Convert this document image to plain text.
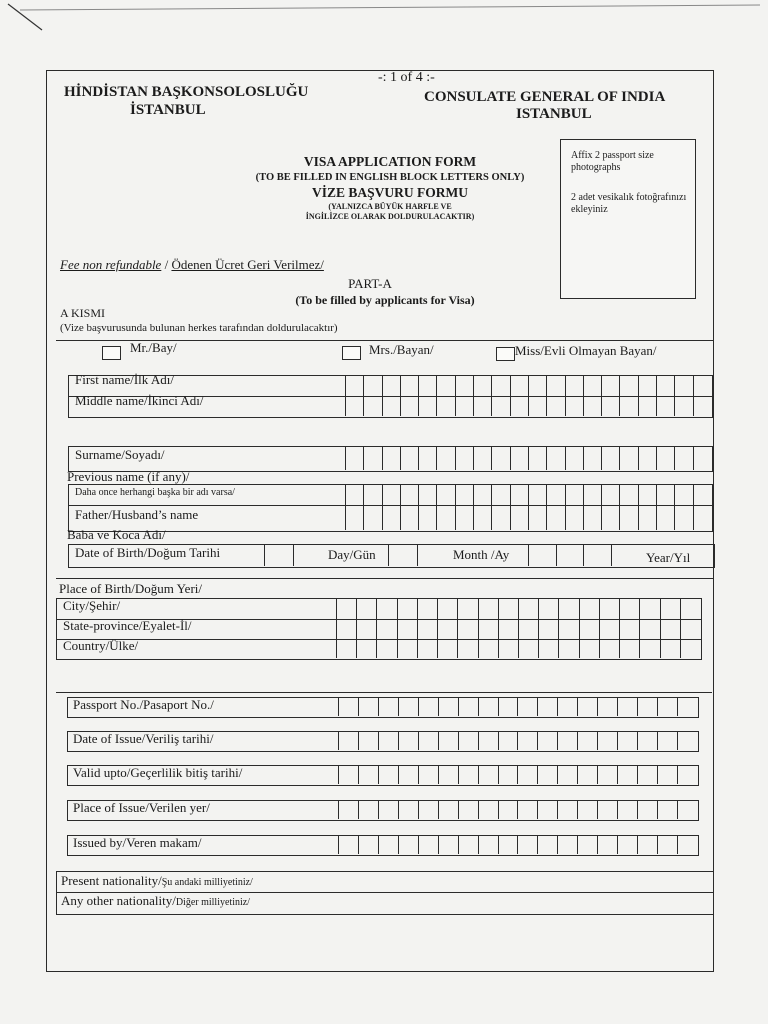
-: 1 of 4 :-
HİNDİSTAN BAŞKONSOLOSLUĞU
İSTANBUL
CONSULATE GENERAL OF INDIA
ISTANBUL
VISA APPLICATION FORM
(TO BE FILLED IN ENGLISH BLOCK LETTERS ONLY)
VİZE BAŞVURU FORMU
(YALNIZCA BÜYÜK HARFLE VE
İNGİLİZCE OLARAK DOLDURULACAKTIR)
Affix 2 passport size photographs
2 adet vesikalık fotoğrafınızı ekleyiniz
Fee non refundable / Ödenen Ücret Geri Verilmez/
PART-A
(To be filled by applicants for Visa)
A KISMI
(Vize başvurusunda bulunan herkes tarafından doldurulacaktır)
Mr./Bay/	Mrs./Bayan/	Miss/Evli Olmayan Bayan/
First name/İlk Adı/
Middle name/İkinci Adı/
Surname/Soyadı/
Previous name (if any)/
Daha once herhangi başka bir adı varsa/
Father/Husband’s name
Baba ve Koca Adı/
Date of Birth/Doğum Tarihi	Day/Gün	Month /Ay	Year/Yıl
Place of Birth/Doğum Yeri/
City/Şehir/
State-province/Eyalet-İl/
Country/Ülke/
Passport No./Pasaport No./
Date of Issue/Veriliş tarihi/
Valid upto/Geçerlilik bitiş tarihi/
Place of Issue/Verilen yer/
Issued by/Veren makam/
Present nationality/Şu andaki milliyetiniz/
Any other nationality/Diğer milliyetiniz/
